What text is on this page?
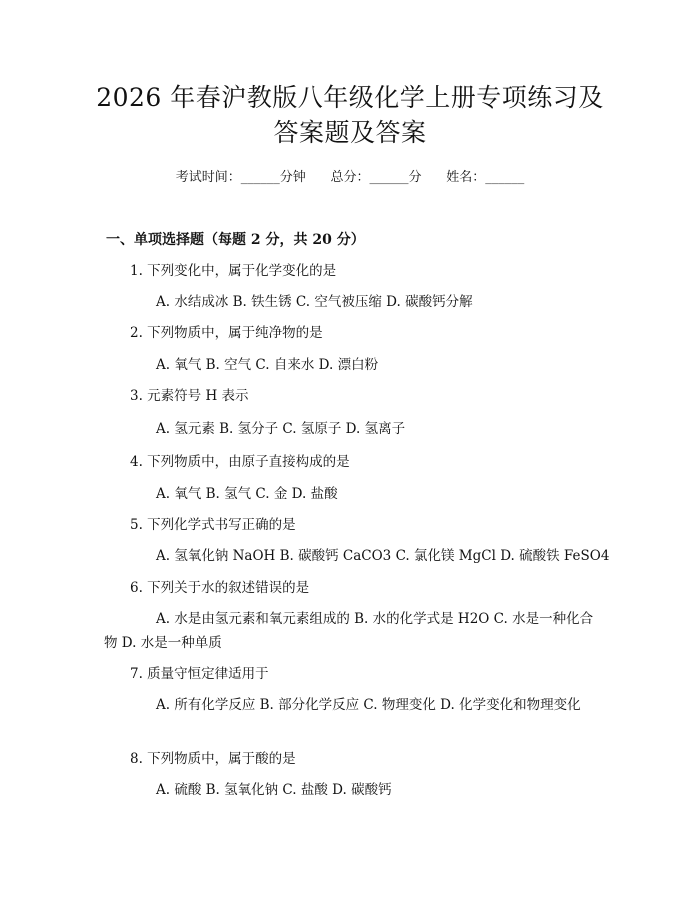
2026 年春沪教版八年级化学上册专项练习及
答案题及答案
考试时间：______分钟      总分：______分      姓名：______
一、单项选择题（每题 2 分，共 20 分）
1. 下列变化中，属于化学变化的是
A. 水结成冰 B. 铁生锈 C. 空气被压缩 D. 碳酸钙分解
2. 下列物质中，属于纯净物的是
A. 氧气 B. 空气 C. 自来水 D. 漂白粉
3. 元素符号 H 表示
A. 氢元素 B. 氢分子 C. 氢原子 D. 氢离子
4. 下列物质中，由原子直接构成的是
A. 氧气 B. 氢气 C. 金 D. 盐酸
5. 下列化学式书写正确的是
A. 氢氧化钠 NaOH B. 碳酸钙 CaCO3 C. 氯化镁 MgCl D. 硫酸铁 FeSO4
6. 下列关于水的叙述错误的是
A. 水是由氢元素和氧元素组成的 B. 水的化学式是 H2O C. 水是一种化合物 D. 水是一种单质
7. 质量守恒定律适用于
A. 所有化学反应 B. 部分化学反应 C. 物理变化 D. 化学变化和物理变化
8. 下列物质中，属于酸的是
A. 硫酸 B. 氢氧化钠 C. 盐酸 D. 碳酸钙
